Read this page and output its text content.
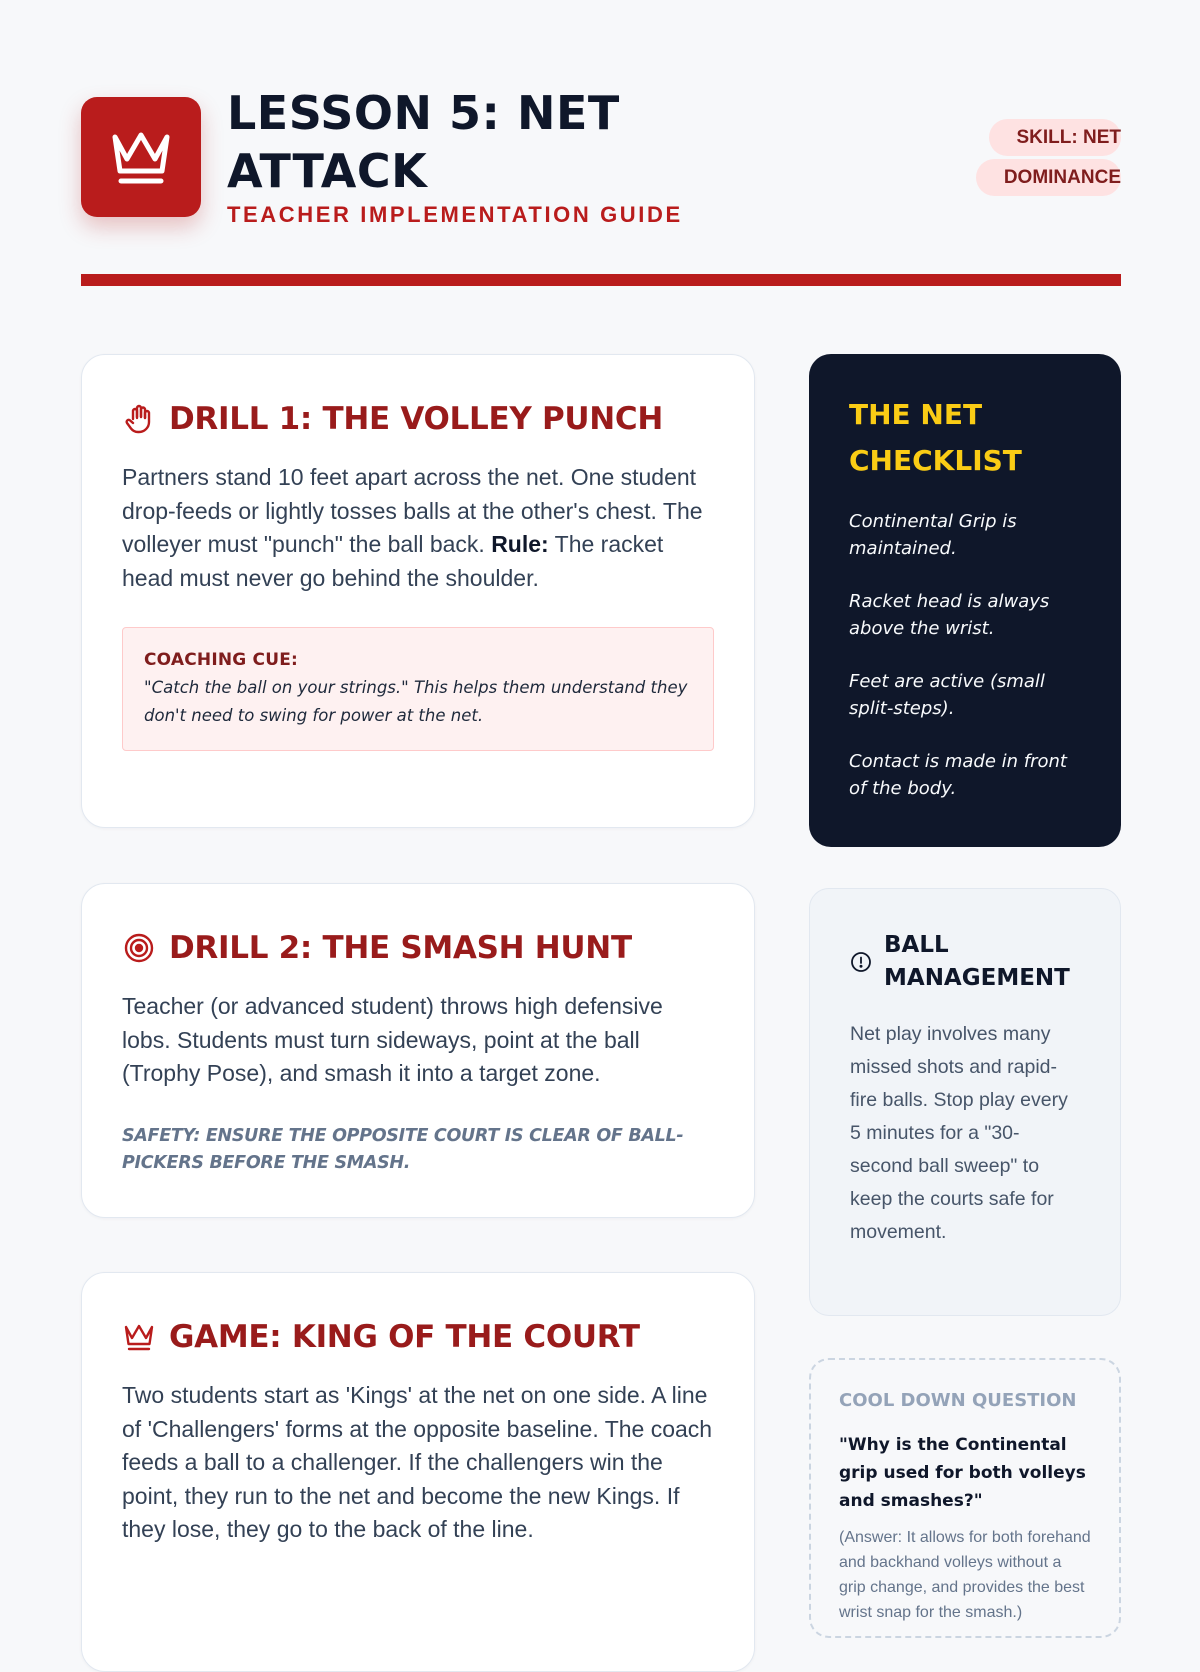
LESSON 5: NET ATTACK
TEACHER IMPLEMENTATION GUIDE
SKILL: NET DOMINANCE
DRILL 1: THE VOLLEY PUNCH

Partners stand 10 feet apart across the net. One student drop-feeds or lightly tosses balls at the other's chest. The volleyer must "punch" the ball back. Rule: The racket head must never go behind the shoulder.

COACHING CUE:
"Catch the ball on your strings." This helps them understand they don't need to swing for power at the net.
DRILL 2: THE SMASH HUNT

Teacher (or advanced student) throws high defensive lobs. Students must turn sideways, point at the ball (Trophy Pose), and smash it into a target zone.

SAFETY: ENSURE THE OPPOSITE COURT IS CLEAR OF BALL-PICKERS BEFORE THE SMASH.

GAME: KING OF THE COURT

Two students start as 'Kings' at the net on one side. A line of 'Challengers' forms at the opposite baseline. The coach feeds a ball to a challenger. If the challengers win the point, they run to the net and become the new Kings. If they lose, they go to the back of the line.

THE NET CHECKLIST
Continental Grip is maintained.
Racket head is always above the wrist.
Feet are active (small split-steps).
Contact is made in front of the body.
BALL MANAGEMENT

Net play involves many missed shots and rapid-fire balls. Stop play every 5 minutes for a "30-second ball sweep" to keep the courts safe for movement.

COOL DOWN QUESTION
"Why is the Continental grip used for both volleys and smashes?"
(Answer: It allows for both forehand and backhand volleys without a grip change, and provides the best wrist snap for the smash.)
